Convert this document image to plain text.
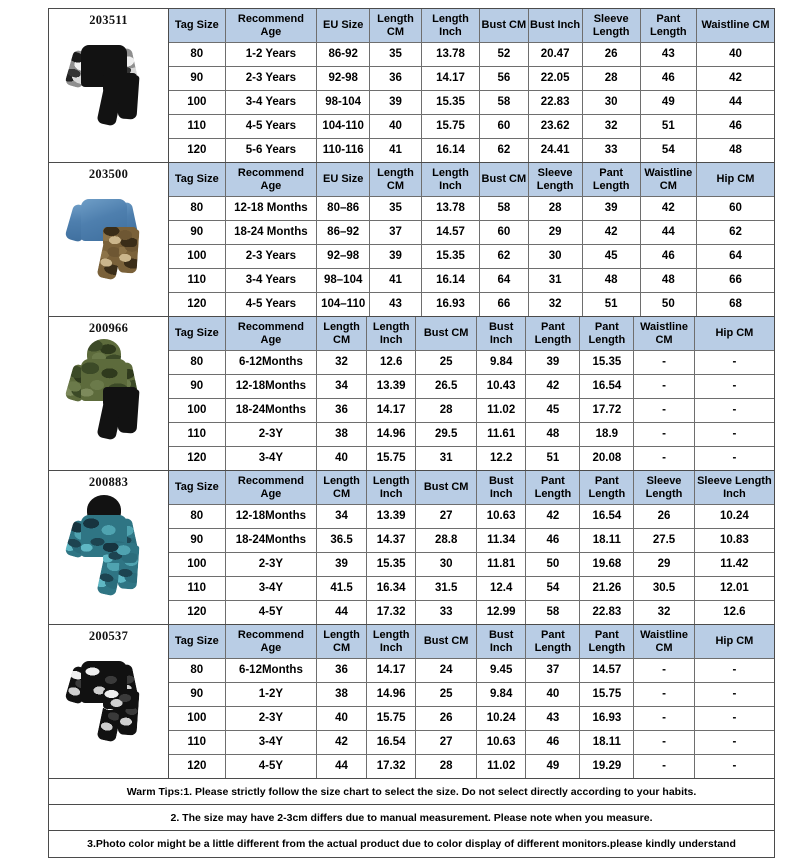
203511	Tag Size	Recommend Age	EU Size	Length CM	Length Inch	Bust CM	Bust Inch	Sleeve Length	Pant Length	Waistline CM
80	1-2 Years	86-92	35	13.78	52	20.47	26	43	40
90	2-3 Years	92-98	36	14.17	56	22.05	28	46	42
100	3-4 Years	98-104	39	15.35	58	22.83	30	49	44
110	4-5 Years	104-110	40	15.75	60	23.62	32	51	46
120	5-6 Years	110-116	41	16.14	62	24.41	33	54	48
203500	Tag Size	Recommend Age	EU Size	Length CM	Length Inch	Bust CM	Sleeve Length	Pant Length	Waistline CM	Hip CM
80	12-18 Months	80–86	35	13.78	58	28	39	42	60
90	18-24 Months	86–92	37	14.57	60	29	42	44	62
100	2-3 Years	92–98	39	15.35	62	30	45	46	64
110	3-4 Years	98–104	41	16.14	64	31	48	48	66
120	4-5 Years	104–110	43	16.93	66	32	51	50	68
200966	Tag Size	Recommend Age	Length CM	Length Inch	Bust CM	Bust Inch	Pant Length	Pant Length	Waistline CM	Hip CM
80	6-12Months	32	12.6	25	9.84	39	15.35	-	-
90	12-18Months	34	13.39	26.5	10.43	42	16.54	-	-
100	18-24Months	36	14.17	28	11.02	45	17.72	-	-
110	2-3Y	38	14.96	29.5	11.61	48	18.9	-	-
120	3-4Y	40	15.75	31	12.2	51	20.08	-	-
200883	Tag Size	Recommend Age	Length CM	Length Inch	Bust CM	Bust Inch	Pant Length	Pant Length	Sleeve Length	Sleeve Length Inch
80	12-18Months	34	13.39	27	10.63	42	16.54	26	10.24
90	18-24Months	36.5	14.37	28.8	11.34	46	18.11	27.5	10.83
100	2-3Y	39	15.35	30	11.81	50	19.68	29	11.42
110	3-4Y	41.5	16.34	31.5	12.4	54	21.26	30.5	12.01
120	4-5Y	44	17.32	33	12.99	58	22.83	32	12.6
200537	Tag Size	Recommend Age	Length CM	Length Inch	Bust CM	Bust Inch	Pant Length	Pant Length	Waistline CM	Hip CM
80	6-12Months	36	14.17	24	9.45	37	14.57	-	-
90	1-2Y	38	14.96	25	9.84	40	15.75	-	-
100	2-3Y	40	15.75	26	10.24	43	16.93	-	-
110	3-4Y	42	16.54	27	10.63	46	18.11	-	-
120	4-5Y	44	17.32	28	11.02	49	19.29	-	-
Warm Tips:1. Please strictly follow the size chart to select the size. Do not select directly according to your habits.
2. The size may have 2-3cm differs due to manual measurement. Please note when you measure.
3.Photo color might be a little different from the actual product due to color display of different monitors.please kindly understand
